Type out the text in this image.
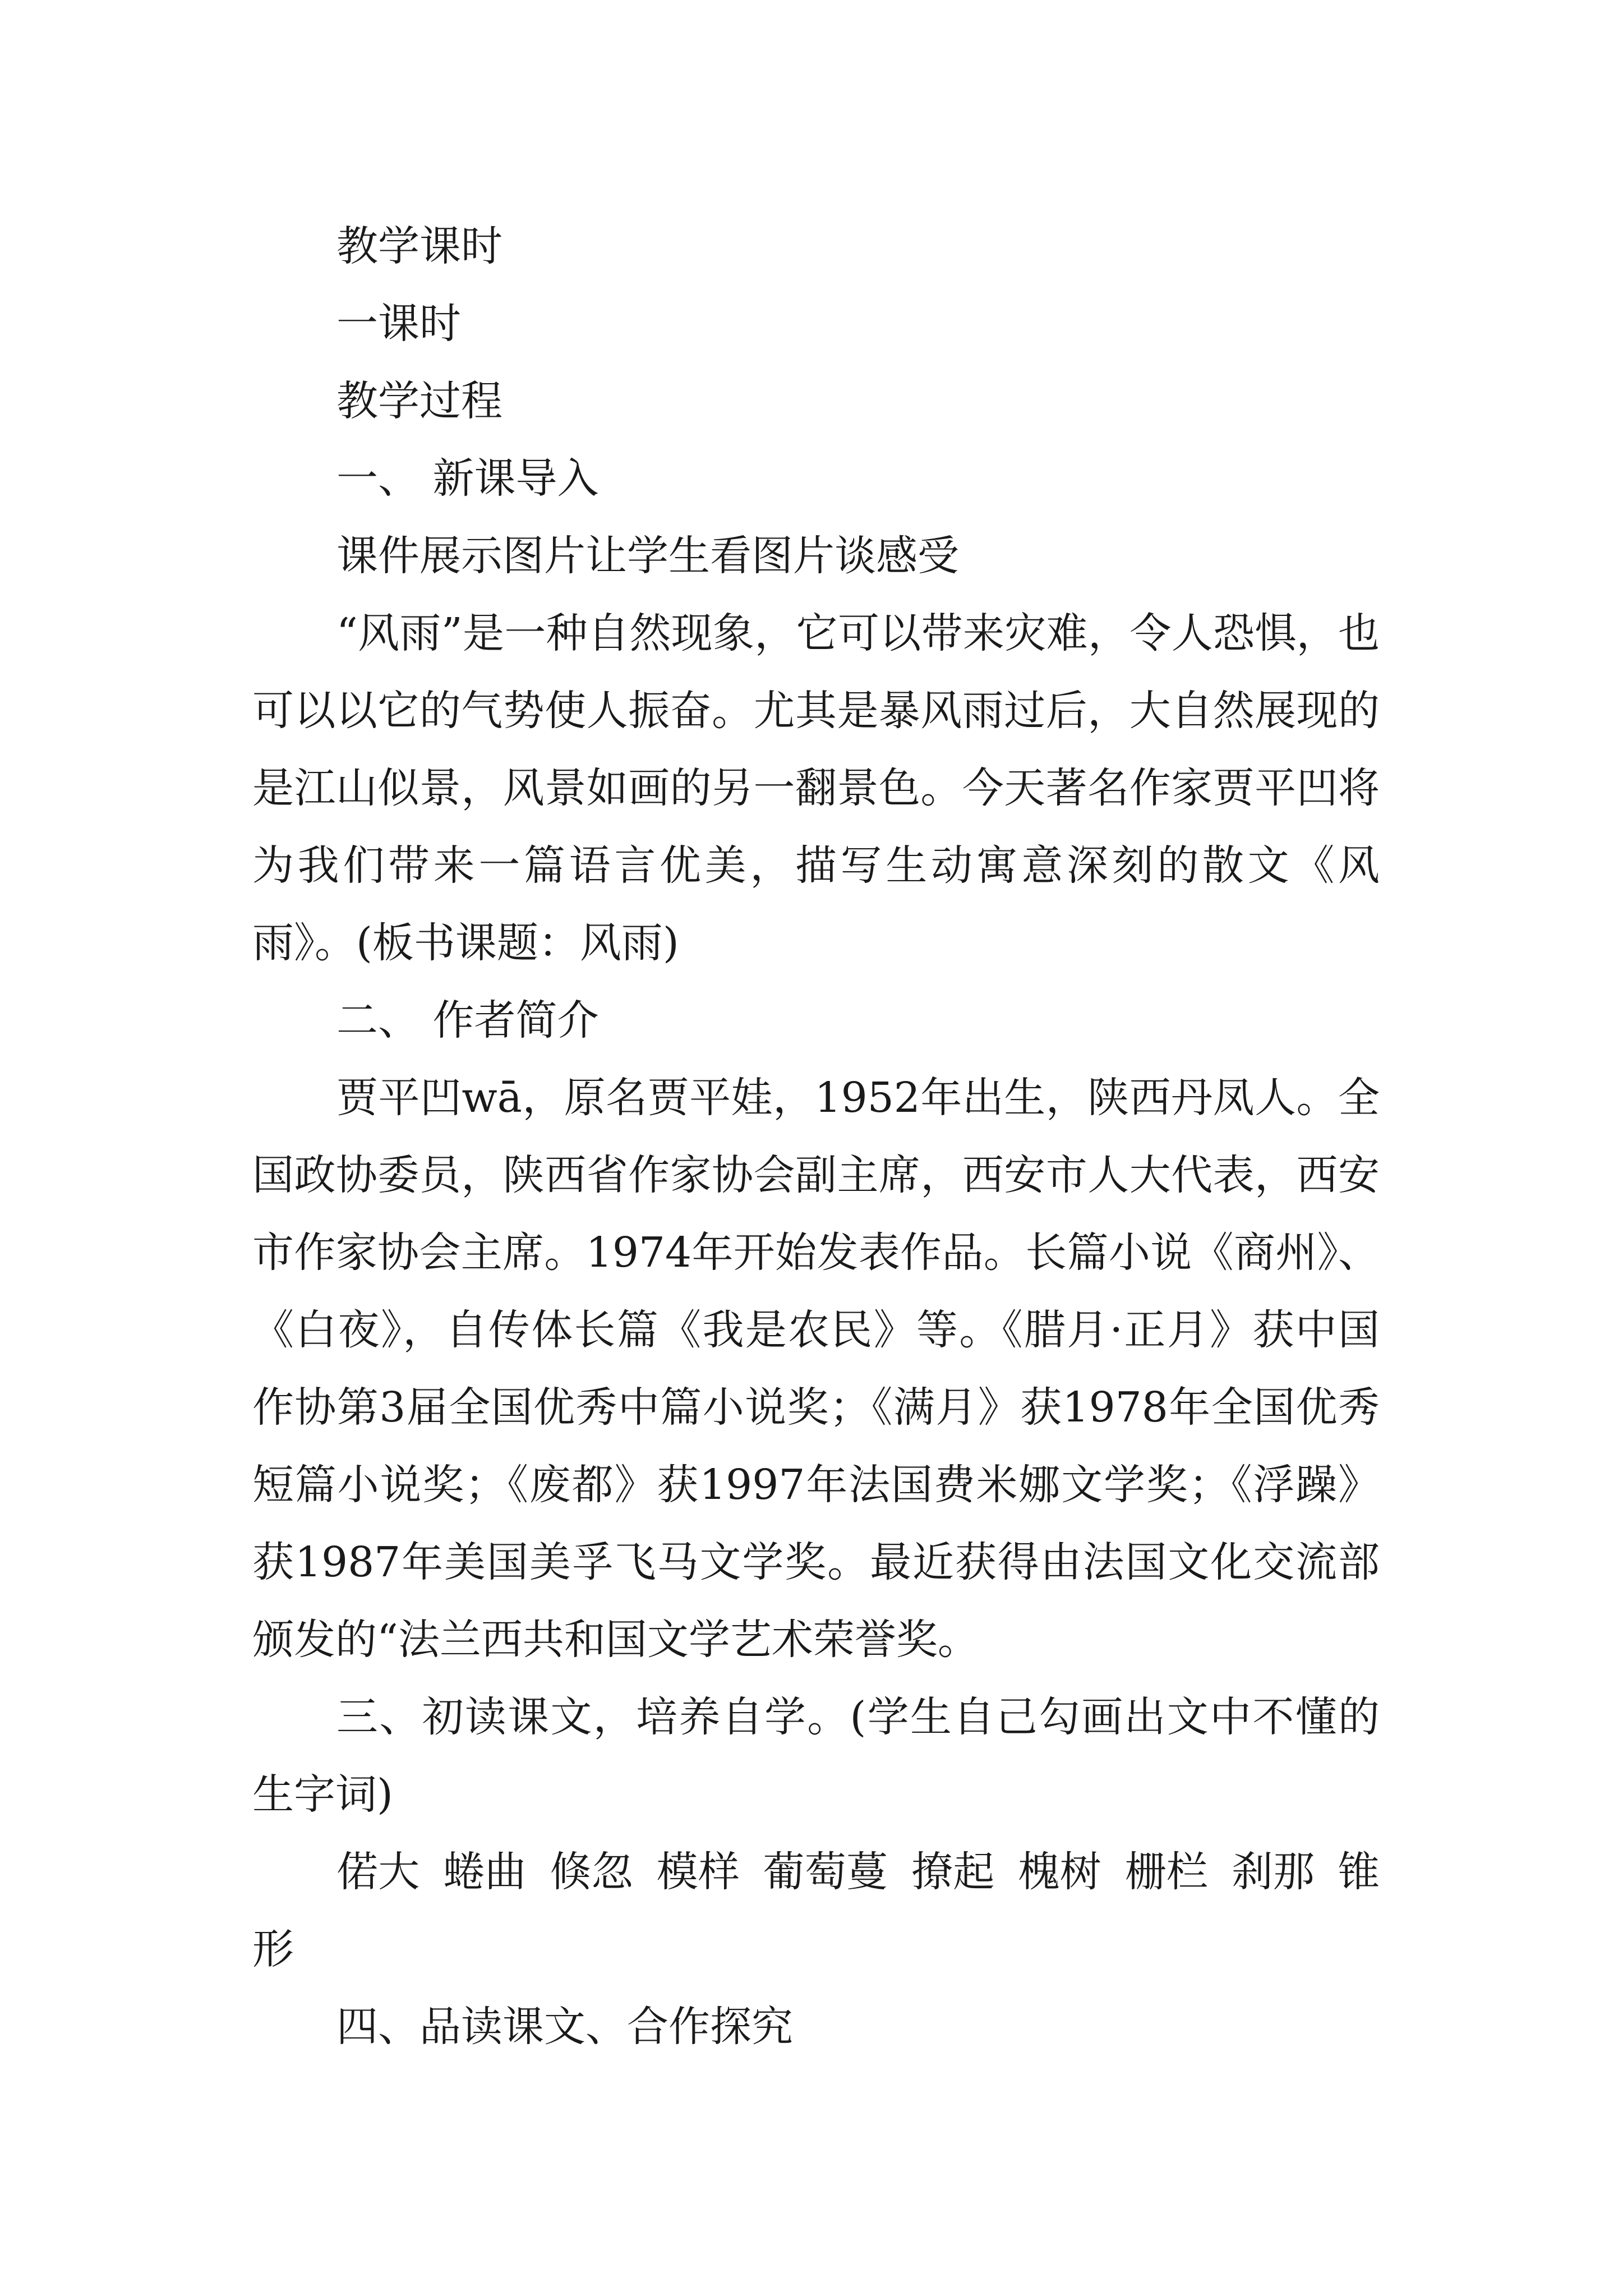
教学课时

一课时

教学过程

一、 新课导入

课件展示图片让学生看图片谈感受

“风雨”是一种自然现象，它可以带来灾难，令人恐惧，也可以以它的气势使人振奋。尤其是暴风雨过后，大自然展现的是江山似景，风景如画的另一翻景色。今天著名作家贾平凹将为我们带来一篇语言优美，描写生动寓意深刻的散文《风雨》。(板书课题：风雨)

二、 作者简介

贾平凹wā，原名贾平娃，1952年出生，陕西丹凤人。全国政协委员，陕西省作家协会副主席，西安市人大代表，西安市作家协会主席。1974年开始发表作品。长篇小说《商州》、《白夜》，自传体长篇《我是农民》等。《腊月·正月》获中国作协第3届全国优秀中篇小说奖；《满月》获1978年全国优秀短篇小说奖；《废都》获1997年法国费米娜文学奖；《浮躁》获1987年美国美孚飞马文学奖。最近获得由法国文化交流部颁发的“法兰西共和国文学艺术荣誉奖。

三、初读课文，培养自学。(学生自己勾画出文中不懂的生字词)

偌大 蜷曲 倏忽 模样 葡萄蔓 撩起 槐树 栅栏 刹那 锥形

四、品读课文、合作探究
